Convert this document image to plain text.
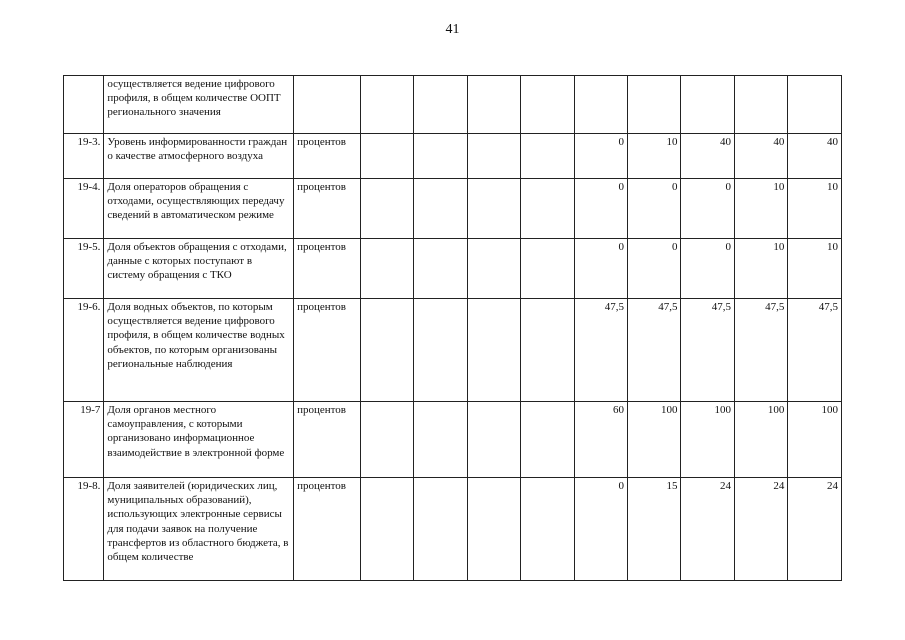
41
	осуществляется ведение цифрового профиля, в общем количестве ООПТ регионального значения										
19-3.	Уровень информированности граждан о качестве атмосферного воздуха	процентов					0	10	40	40	40
19-4.	Доля операторов обращения с отходами, осуществляющих передачу сведений в автоматическом режиме	процентов					0	0	0	10	10
19-5.	Доля объектов обращения с отходами, данные с которых поступают в систему обращения с ТКО	процентов					0	0	0	10	10
19-6.	Доля водных объектов, по которым осуществляется ведение цифрового профиля, в общем количестве водных объектов, по которым организованы региональные наблюдения	процентов					47,5	47,5	47,5	47,5	47,5
19-7	Доля органов местного самоуправления, с которыми организовано информационное взаимодействие в электронной форме	процентов					60	100	100	100	100
19-8.	Доля заявителей (юридических лиц, муниципальных образований), использующих электронные сервисы для подачи заявок на получение трансфертов из областного бюджета, в общем количестве	процентов					0	15	24	24	24
